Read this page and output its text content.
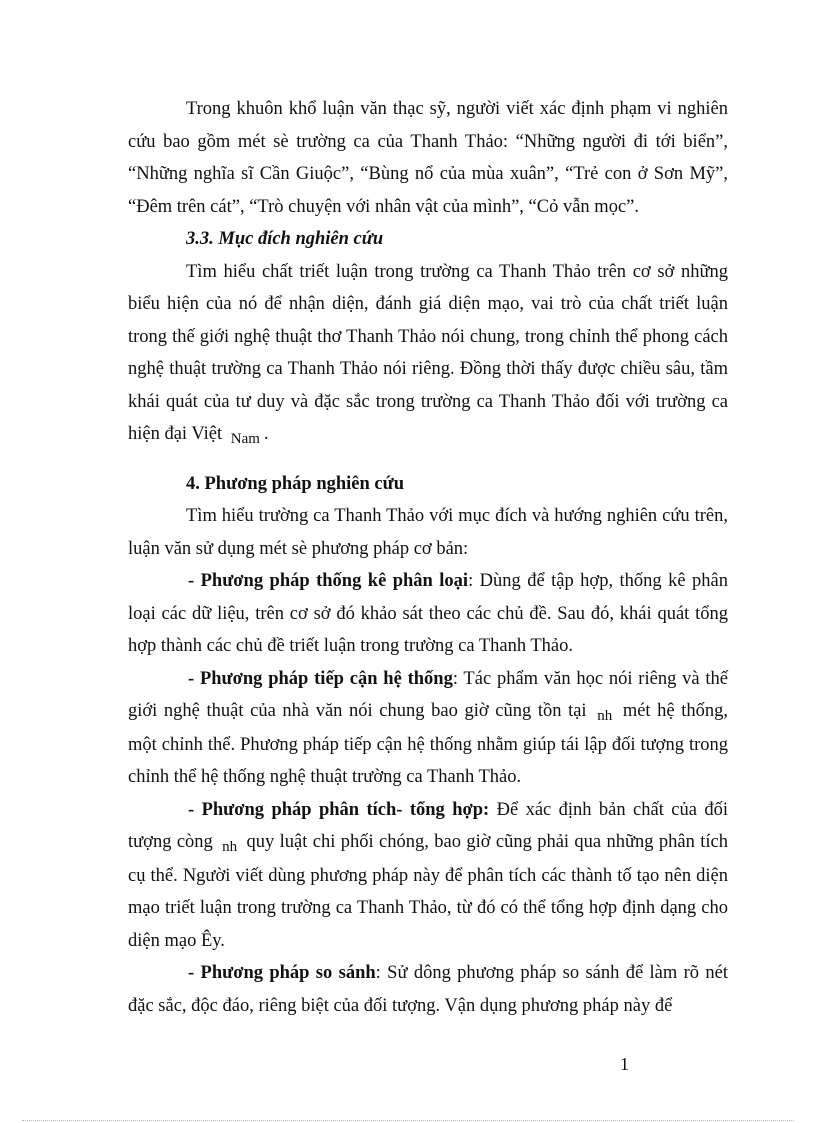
Trong khuôn khổ luận văn thạc sỹ, người viết xác định phạm vi nghiên cứu bao gồm mét sè trường ca của Thanh Thảo: “Những người đi tới biển”, “Những nghĩa sĩ Cần Giuộc”, “Bùng nổ của mùa xuân”, “Trẻ con ở Sơn Mỹ”, “Đêm trên cát”, “Trò chuyện với nhân vật của mình”, “Cỏ vẫn mọc”.

3.3. Mục đích nghiên cứu

Tìm hiểu chất triết luận trong trường ca Thanh Thảo trên cơ sở những biểu hiện của nó để nhận diện, đánh giá diện mạo, vai trò của chất triết luận trong thế giới nghệ thuật thơ Thanh Thảo nói chung, trong chỉnh thể phong cách nghệ thuật trường ca Thanh Thảo nói riêng. Đồng thời thấy được chiều sâu, tầm khái quát của tư duy và đặc sắc trong trường ca Thanh Thảo đối với trường ca hiện đại Việt $_{Nam}$ .

4. Phương pháp nghiên cứu

Tìm hiểu trường ca Thanh Thảo với mục đích và hướng nghiên cứu trên, luận văn sử dụng mét sè phương pháp cơ bản:

- Phương pháp thống kê phân loại: Dùng để tập hợp, thống kê phân loại các dữ liệu, trên cơ sở đó khảo sát theo các chủ đề. Sau đó, khái quát tổng hợp thành các chủ đề triết luận trong trường ca Thanh Thảo.

- Phương pháp tiếp cận hệ thống: Tác phẩm văn học nói riêng và thế giới nghệ thuật của nhà văn nói chung bao giờ cũng tồn tại $_{nh}$ mét hệ thống, một chỉnh thể. Phương pháp tiếp cận hệ thống nhằm giúp tái lập đối tượng trong chỉnh thể hệ thống nghệ thuật trường ca Thanh Thảo.

- Phương pháp phân tích- tổng hợp: Để xác định bản chất của đối tượng còng $_{nh}$ quy luật chi phối chóng, bao giờ cũng phải qua những phân tích cụ thể. Người viết dùng phương pháp này để phân tích các thành tố tạo nên diện mạo triết luận trong trường ca Thanh Thảo, từ đó có thể tổng hợp định dạng cho diện mạo Êy.

- Phương pháp so sánh: Sử dông phương pháp so sánh để làm rõ nét đặc sắc, độc đáo, riêng biệt của đối tượng. Vận dụng phương pháp này để

1
